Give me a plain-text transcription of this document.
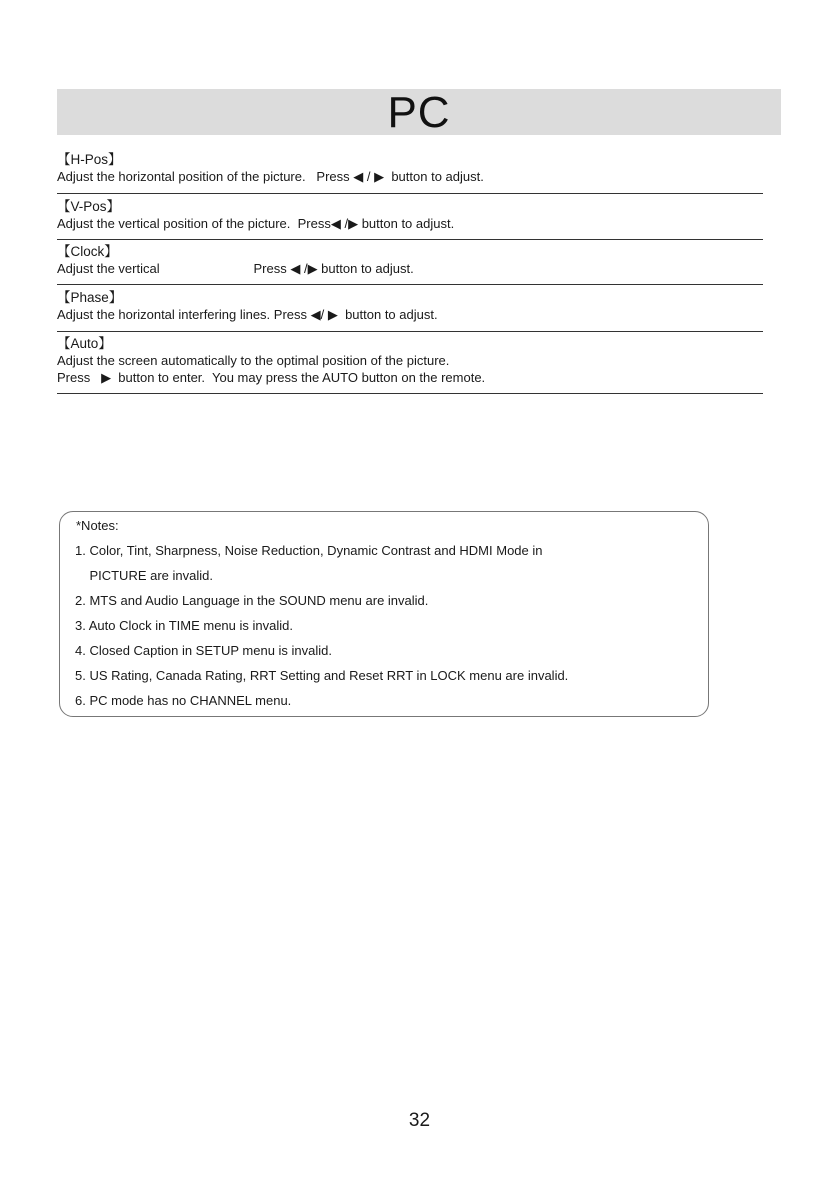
PC

【H-Pos】

Adjust the horizontal position of the picture.   Press ◀ / ▶  button to adjust.

【V-Pos】

Adjust the vertical position of the picture.  Press◀ /▶ button to adjust.

【Clock】

Adjust the vertical                          Press ◀ /▶ button to adjust.

【Phase】

Adjust the horizontal interfering lines. Press ◀/ ▶  button to adjust.

【Auto】

Adjust the screen automatically to the optimal position of the picture.

Press   ▶  button to enter.  You may press the AUTO button on the remote.

*Notes:
1. Color, Tint, Sharpness, Noise Reduction, Dynamic Contrast and HDMI Mode in
PICTURE are invalid.
2. MTS and Audio Language in the SOUND menu are invalid.
3. Auto Clock in TIME menu is invalid.
4. Closed Caption in SETUP menu is invalid.
5. US Rating, Canada Rating, RRT Setting and Reset RRT in LOCK menu are invalid.
6. PC mode has no CHANNEL menu.
32
